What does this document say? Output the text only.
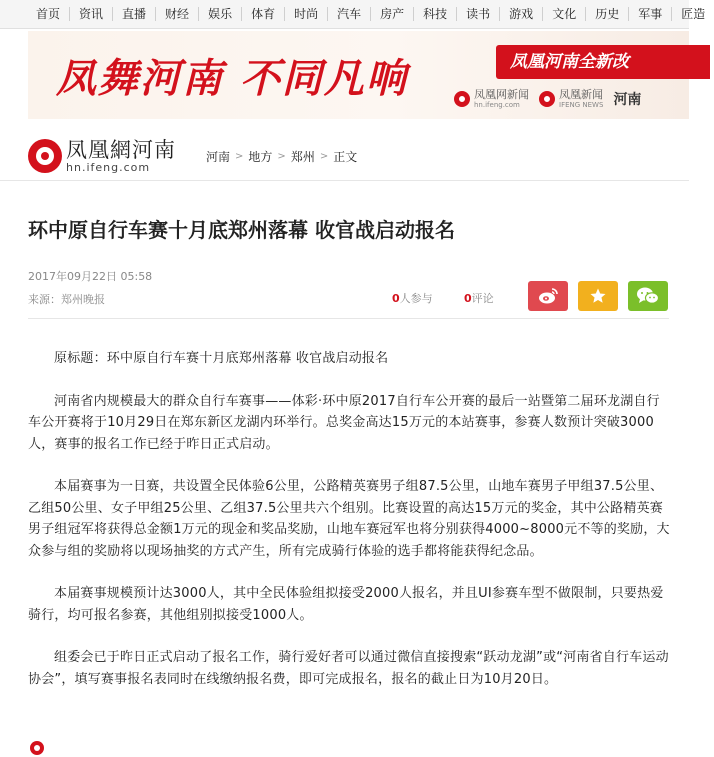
首页	资讯	直播	财经	娱乐	体育	时尚	汽车	房产	科技	读书	游戏	文化	历史	军事	匠造
凤舞河南 不同凡响	凤凰河南全新改
凤凰网新闻
hn.ifeng.com
凤凰新闻
IFENG NEWS 河南
凤凰網河南
hn.ifeng.com
河南 > 地方 > 郑州 > 正文
环中原自行车赛十月底郑州落幕 收官战启动报名
2017年09月22日 05:58
来源：郑州晚报	0人参与	0评论

原标题：环中原自行车赛十月底郑州落幕 收官战启动报名

河南省内规模最大的群众自行车赛事——体彩·环中原2017自行车公开赛的最后一站暨第二届环龙湖自行车公开赛将于10月29日在郑东新区龙湖内环举行。总奖金高达15万元的本站赛事，参赛人数预计突破3000人，赛事的报名工作已经于昨日正式启动。

本届赛事为一日赛，共设置全民体验6公里，公路精英赛男子组87.5公里，山地车赛男子甲组37.5公里、乙组50公里、女子甲组25公里、乙组37.5公里共六个组别。比赛设置的高达15万元的奖金，其中公路精英赛男子组冠军将获得总金额1万元的现金和奖品奖励，山地车赛冠军也将分别获得4000~8000元不等的奖励，大众参与组的奖励将以现场抽奖的方式产生，所有完成骑行体验的选手都将能获得纪念品。

本届赛事规模预计达3000人，其中全民体验组拟接受2000人报名，并且UI参赛车型不做限制，只要热爱骑行，均可报名参赛，其他组别拟接受1000人。

组委会已于昨日正式启动了报名工作，骑行爱好者可以通过微信直接搜索“跃动龙湖”或“河南省自行车运动协会”，填写赛事报名表同时在线缴纳报名费，即可完成报名，报名的截止日为10月20日。
